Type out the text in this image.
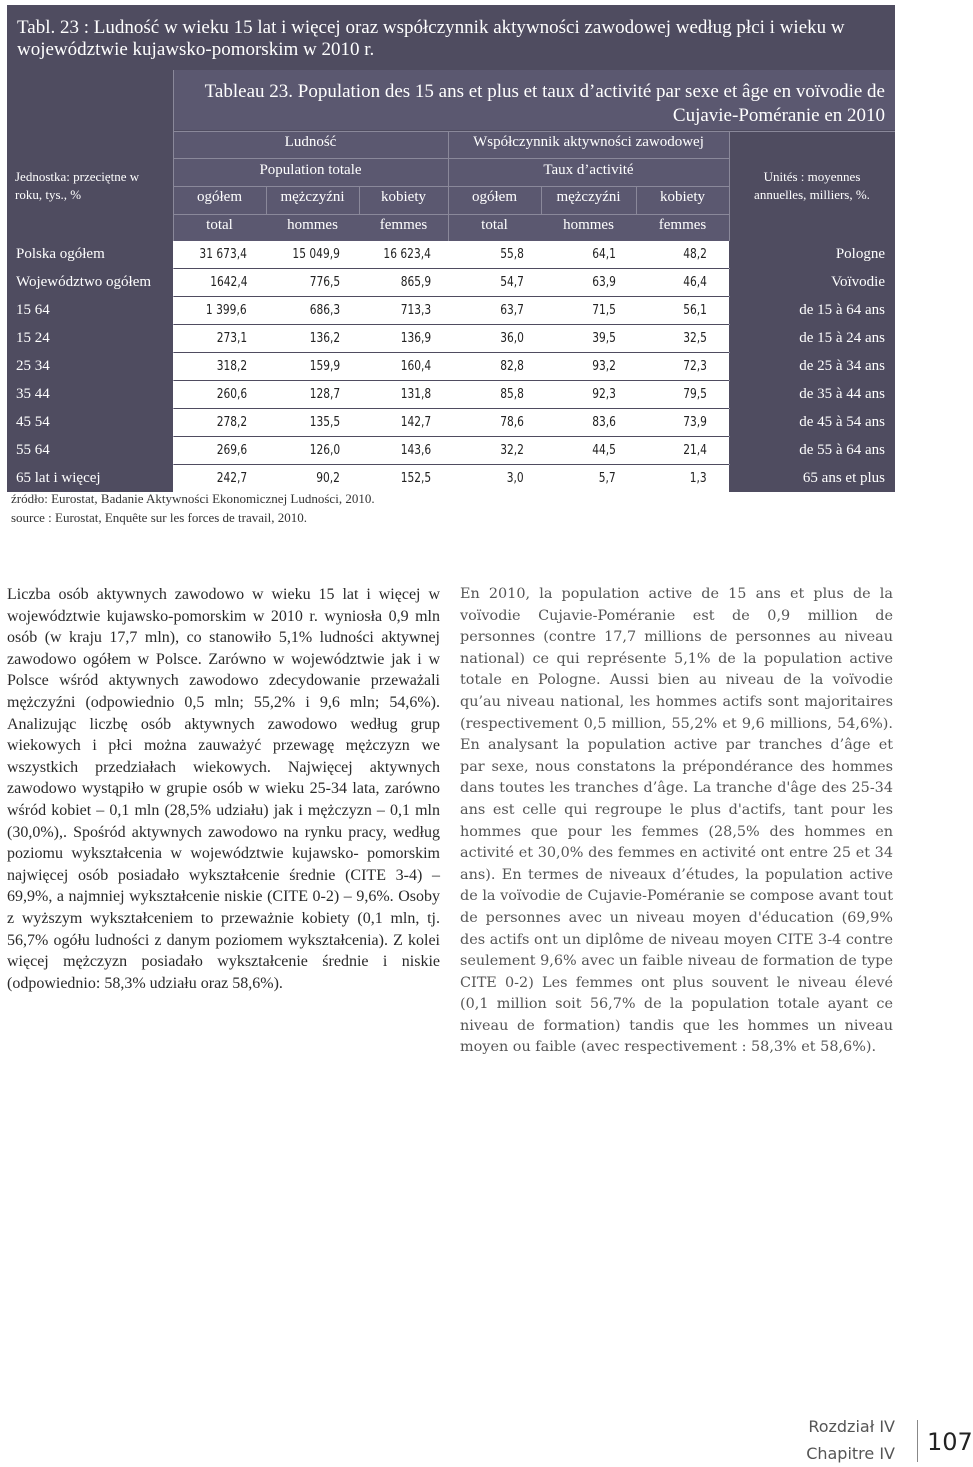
Tabl. 23 : Ludność w wieku 15 lat i więcej oraz współczynnik aktywności zawodowej według płci i wieku w województwie kujawsko-pomorskim w 2010 r.
Tableau 23. Population des 15 ans et plus et taux d’activité par sexe et âge en voïvodie de Cujavie-Poméranie en 2010
Jednostka: przeciętne w roku, tys., %
Unités : moyennes annuelles, milliers, %.
Ludność
Population totale
Współczynnik aktywności zawodowej
Taux d’activité
ogółem	mężczyźni	kobiety	ogółem	mężczyźni	kobiety
total	hommes	femmes	total	hommes	femmes
Polska ogółem	31 673,4	15 049,9	16 623,4	55,8	64,1	48,2	Pologne
Województwo ogółem	1642,4	776,5	865,9	54,7	63,9	46,4	Voïvodie
15 64	1 399,6	686,3	713,3	63,7	71,5	56,1	de 15 à 64 ans
15 24	273,1	136,2	136,9	36,0	39,5	32,5	de 15 à 24 ans
25 34	318,2	159,9	160,4	82,8	93,2	72,3	de 25 à 34 ans
35 44	260,6	128,7	131,8	85,8	92,3	79,5	de 35 à 44 ans
45 54	278,2	135,5	142,7	78,6	83,6	73,9	de 45 à 54 ans
55 64	269,6	126,0	143,6	32,2	44,5	21,4	de 55 à 64 ans
65 lat i więcej	242,7	90,2	152,5	3,0	5,7	1,3	65 ans et plus
źródło: Eurostat, Badanie Aktywności Ekonomicznej Ludności, 2010.
source : Eurostat, Enquête sur les forces de travail, 2010.
Liczba osób aktywnych zawodowo w wieku 15 lat i więcej w województwie kujawsko-pomorskim w 2010 r. wyniosła 0,9 mln osób (w kraju 17,7 mln), co stanowiło 5,1% ludności aktywnej zawodowo ogółem w Polsce. Zarówno w województwie jak i w Polsce wśród aktywnych zawodowo zdecydowanie przeważali mężczyźni (odpowiednio 0,5 mln; 55,2% i 9,6 mln; 54,6%). Analizując liczbę osób aktywnych zawodowo według grup wiekowych i płci można zauważyć przewagę mężczyzn we wszystkich przedziałach wiekowych. Najwięcej aktywnych zawodowo wystąpiło w grupie osób w wieku 25-34 lata, zarówno wśród kobiet – 0,1 mln (28,5% udziału) jak i mężczyzn – 0,1 mln (30,0%),. Spośród aktywnych zawodowo na rynku pracy, według poziomu wykształcenia w województwie kujawsko- pomorskim najwięcej osób posiadało wykształcenie średnie (CITE 3-4) – 69,9%, a najmniej wykształcenie niskie (CITE 0-2) – 9,6%. Osoby z wyższym wykształceniem to przeważnie kobiety (0,1 mln, tj. 56,7% ogółu ludności z danym poziomem wykształcenia). Z kolei więcej mężczyzn posiadało wykształcenie średnie i niskie (odpowiednio: 58,3% udziału oraz 58,6%).
En 2010, la population active de 15 ans et plus de la voïvodie Cujavie-Poméranie est de 0,9 million de personnes (contre 17,7 millions de personnes au niveau national) ce qui représente 5,1% de la population active totale en Pologne. Aussi bien au niveau de la voïvodie qu’au niveau national, les hommes actifs sont majoritaires (respectivement 0,5 million, 55,2% et 9,6 millions, 54,6%). En analysant la population active par tranches d’âge et par sexe, nous constatons la prépondérance des hommes dans toutes les tranches d’âge. La tranche d'âge des 25-34 ans est celle qui regroupe le plus d'actifs, tant pour les hommes que pour les femmes (28,5% des hommes en activité et 30,0% des femmes en activité ont entre 25 et 34 ans). En termes de niveaux d’études, la population active de la voïvodie de Cujavie-Poméranie se compose avant tout de personnes avec un niveau moyen d'éducation (69,9% des actifs ont un diplôme de niveau moyen CITE 3-4 contre seulement 9,6% avec un faible niveau de formation de type CITE 0-2) Les femmes ont plus souvent le niveau élevé (0,1 million soit 56,7% de la population totale ayant ce niveau de formation) tandis que les hommes un niveau moyen ou faible (avec respectivement : 58,3% et 58,6%).
Rozdział IV
Chapitre IV 107
